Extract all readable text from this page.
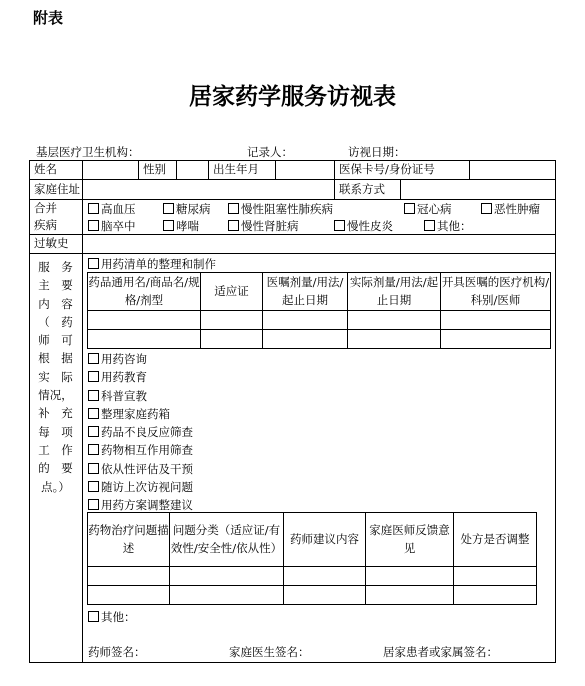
附表
居家药学服务访视表
基层医疗卫生机构：	记录人：	访视日期：
姓名	性别	出生年月	医保卡号/身份证号
家庭住址	联系方式
合并
疾病
高血压	糖尿病	慢性阻塞性肺疾病	冠心病	恶性肿瘤
脑卒中	哮喘	慢性肾脏病	慢性皮炎	其他：
过敏史
服　务
主　要
内　容
（　药
师　可
根　据
实　际
情况，
补　充
每　项
工　作
的　要
点。）
用药清单的整理和制作
药品通用名/商品名/规格/剂型	适应证	医嘱剂量/用法/起止日期	实际剂量/用法/起止日期	开具医嘱的医疗机构/科别/医师

用药咨询
用药教育
科普宣教
整理家庭药箱
药品不良反应筛查
药物相互作用筛查
依从性评估及干预
随访上次访视问题
用药方案调整建议
药物治疗问题描述	问题分类（适应证/有效性/安全性/依从性）	药师建议内容	家庭医师反馈意见	处方是否调整

其他：
药师签名：	家庭医生签名：	居家患者或家属签名：
